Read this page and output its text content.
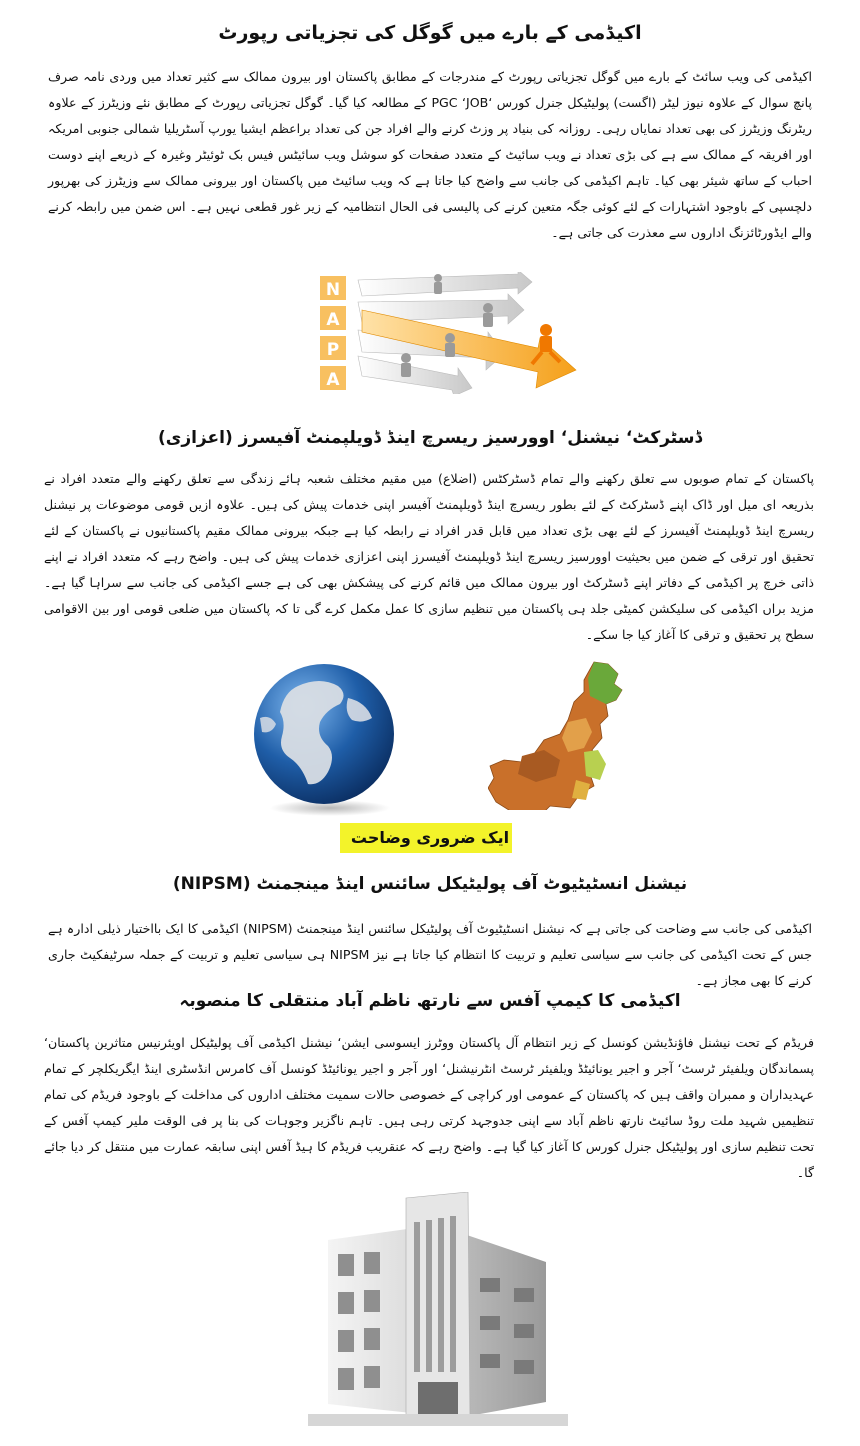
اکیڈمی کے بارے میں گوگل کی تجزیاتی رپورٹ
اکیڈمی کی ویب سائٹ کے بارے میں گوگل تجزیاتی رپورٹ کے مندرجات کے مطابق پاکستان اور بیرون ممالک سے کثیر تعداد میں وردی نامہ صرف پانچ سوال کے علاوہ نیوز لیٹر (اگست) پولیٹیکل جنرل کورس ‘PGC ‘JOB کے مطالعہ کیا گیا۔ گوگل تجزیاتی رپورٹ کے مطابق نئے وزیٹرز کے علاوہ ریٹرنگ وزیٹرز کی بھی تعداد نمایاں رہی۔ روزانہ کی بنیاد پر وزٹ کرنے والے افراد جن کی تعداد براعظم ایشیا یورپ آسٹریلیا شمالی جنوبی امریکہ اور افریقہ کے ممالک سے ہے کی بڑی تعداد نے ویب سائیٹ کے متعدد صفحات کو سوشل ویب سائیٹس فیس بک ٹوئیٹر وغیرہ کے ذریعے اپنے دوست احباب کے ساتھ شیئر بھی کیا۔ تاہم اکیڈمی کی جانب سے واضح کیا جاتا ہے کہ ویب سائیٹ میں پاکستان اور بیرونی ممالک سے وزیٹرز کی بھرپور دلچسپی کے باوجود اشتہارات کے لئے کوئی جگہ متعین کرنے کی پالیسی فی الحال انتظامیہ کے زیر غور قطعی نہیں ہے۔ اس ضمن میں رابطہ کرنے والے ایڈورٹائزنگ اداروں سے معذرت کی جاتی ہے۔
N
A
P
A
ڈسٹرکٹ‘ نیشنل‘ اوورسیز ریسرچ اینڈ ڈویلپمنٹ آفیسرز (اعزازی)
پاکستان کے تمام صوبوں سے تعلق رکھنے والے تمام ڈسٹرکٹس (اضلاع) میں مقیم مختلف شعبہ ہائے زندگی سے تعلق رکھنے والے متعدد افراد نے بذریعہ ای میل اور ڈاک اپنے ڈسٹرکٹ کے لئے بطور ریسرچ اینڈ ڈویلپمنٹ آفیسر اپنی خدمات پیش کی ہیں۔ علاوہ ازیں قومی موضوعات پر نیشنل ریسرچ اینڈ ڈویلپمنٹ آفیسرز کے لئے بھی بڑی تعداد میں قابل قدر افراد نے رابطہ کیا ہے جبکہ بیرونی ممالک مقیم پاکستانیوں نے پاکستان کے لئے تحقیق اور ترقی کے ضمن میں بحیثیت اوورسیز ریسرچ اینڈ ڈویلپمنٹ آفیسرز اپنی اعزازی خدمات پیش کی ہیں۔ واضح رہے کہ متعدد افراد نے اپنے ذاتی خرچ پر اکیڈمی کے دفاتر اپنے ڈسٹرکٹ اور بیرون ممالک میں قائم کرنے کی پیشکش بھی کی ہے جسے اکیڈمی کی جانب سے سراہا گیا ہے۔ مزید براں اکیڈمی کی سلیکشن کمیٹی جلد ہی پاکستان میں تنظیم سازی کا عمل مکمل کرے گی تا کہ پاکستان میں ضلعی قومی اور بین الاقوامی سطح پر تحقیق و ترقی کا آغاز کیا جا سکے۔
ایک ضروری وضاحت
نیشنل انسٹیٹیوٹ آف پولیٹیکل سائنس اینڈ مینجمنٹ (NIPSM)
اکیڈمی کی جانب سے وضاحت کی جاتی ہے کہ نیشنل انسٹیٹیوٹ آف پولیٹیکل سائنس اینڈ مینجمنٹ (NIPSM) اکیڈمی کا ایک بااختیار ذیلی ادارہ ہے جس کے تحت اکیڈمی کی جانب سے سیاسی تعلیم و تربیت کا انتظام کیا جاتا ہے نیز NIPSM ہی سیاسی تعلیم و تربیت کے جملہ سرٹیفکیٹ جاری کرنے کا بھی مجاز ہے۔
اکیڈمی کا کیمپ آفس سے نارتھ ناظم آباد منتقلی کا منصوبہ
فریڈم کے تحت نیشنل فاؤنڈیشن کونسل کے زیر انتظام آل پاکستان ووٹرز ایسوسی ایشن‘ نیشنل اکیڈمی آف پولیٹیکل اویئرنیس متاثرین پاکستان‘ پسماندگان ویلفیئر ٹرسٹ‘ آجر و اجیر یونائیٹڈ ویلفیئر ٹرسٹ انٹرنیشنل‘ اور آجر و اجیر یونائیٹڈ کونسل آف کامرس انڈسٹری اینڈ ایگریکلچر کے تمام عہدیداران و ممبران واقف ہیں کہ پاکستان کے عمومی اور کراچی کے خصوصی حالات سمیت مختلف اداروں کی مداخلت کے باوجود فریڈم کی تمام تنظیمیں شہید ملت روڈ سائیٹ نارتھ ناظم آباد سے اپنی جدوجہد کرتی رہی ہیں۔ تاہم ناگزیر وجوہات کی بنا پر فی الوقت ملیر کیمپ آفس کے تحت تنظیم سازی اور پولیٹیکل جنرل کورس کا آغاز کیا گیا ہے۔ واضح رہے کہ عنقریب فریڈم کا ہیڈ آفس اپنی سابقہ عمارت میں منتقل کر دیا جائے گا۔
